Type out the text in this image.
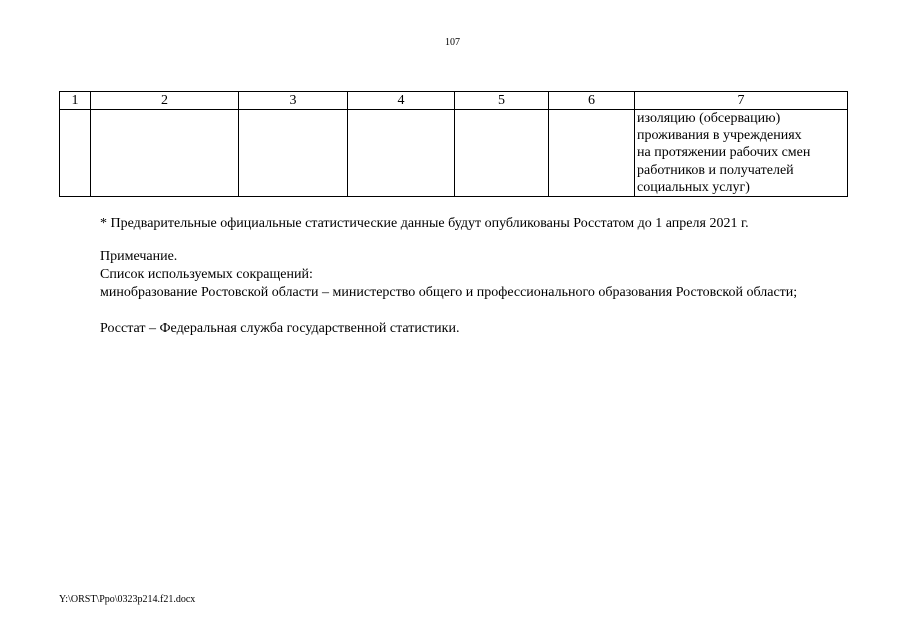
107
1	2	3	4	5	6	7

						изоляцию (обсервацию)
проживания в учреждениях
на протяжении рабочих смен
работников и получателей
социальных услуг)
* Предварительные официальные статистические данные будут опубликованы Росстатом до 1 апреля 2021 г.
Примечание.
Список используемых сокращений:
минобразование Ростовской области – министерство общего и профессионального образования Ростовской области;
Росстат – Федеральная служба государственной статистики.
Y:\ORST\Ppo\0323p214.f21.docx
